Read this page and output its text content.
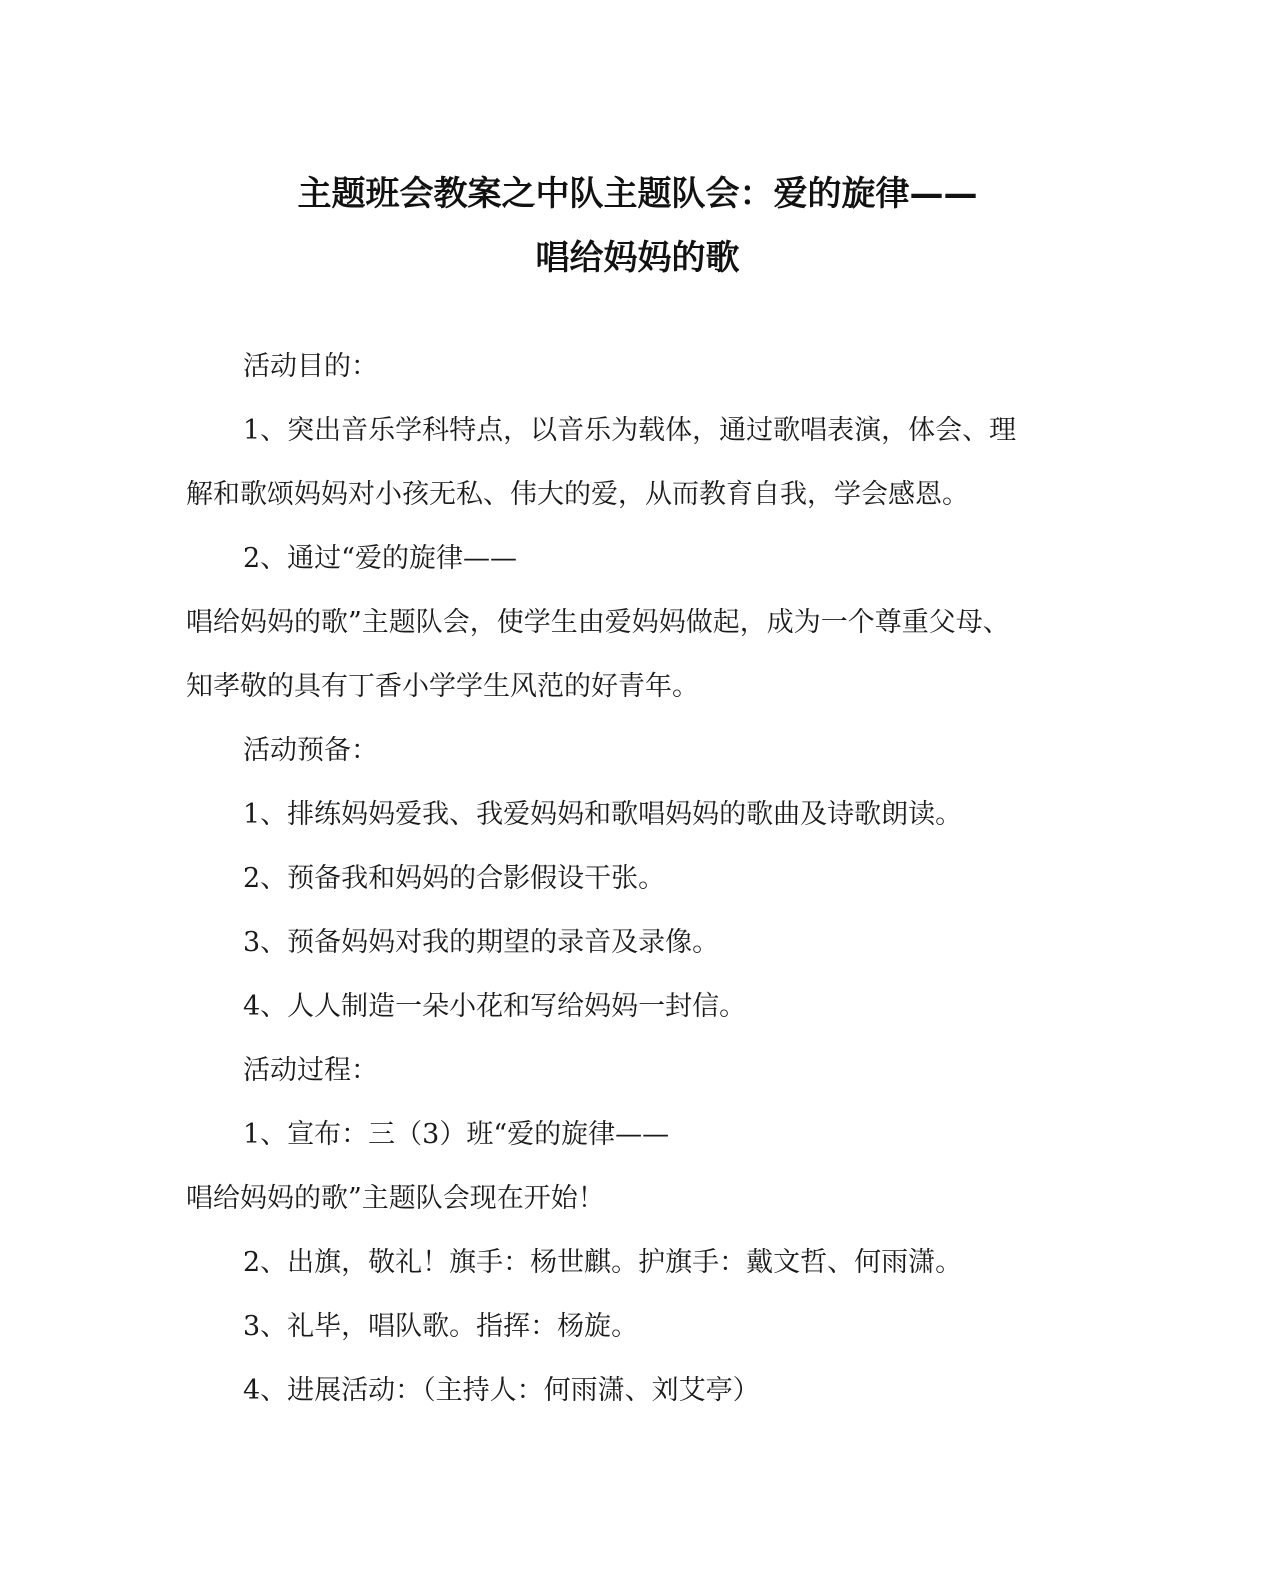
主题班会教案之中队主题队会：爱的旋律——
唱给妈妈的歌

活动目的：

1、突出音乐学科特点，以音乐为载体，通过歌唱表演，体会、理

解和歌颂妈妈对小孩无私、伟大的爱，从而教育自我，学会感恩。

2、通过“爱的旋律——

唱给妈妈的歌”主题队会，使学生由爱妈妈做起，成为一个尊重父母、

知孝敬的具有丁香小学学生风范的好青年。

活动预备：

1、排练妈妈爱我、我爱妈妈和歌唱妈妈的歌曲及诗歌朗读。

2、预备我和妈妈的合影假设干张。

3、预备妈妈对我的期望的录音及录像。

4、人人制造一朵小花和写给妈妈一封信。

活动过程：

1、宣布：三（3）班“爱的旋律——

唱给妈妈的歌”主题队会现在开始！

2、出旗，敬礼！旗手：杨世麒。护旗手：戴文哲、何雨潇。

3、礼毕，唱队歌。指挥：杨旋。

4、进展活动：（主持人：何雨潇、刘艾亭）
